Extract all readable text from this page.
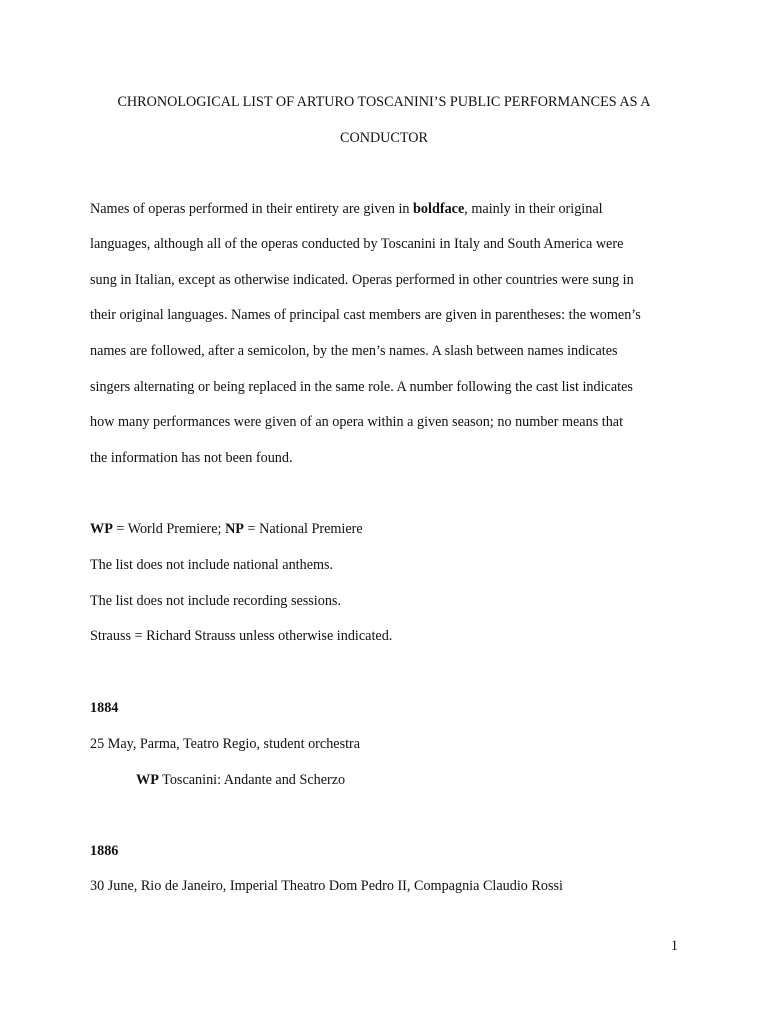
CHRONOLOGICAL LIST OF ARTURO TOSCANINI’S PUBLIC PERFORMANCES AS A
CONDUCTOR
Names of operas performed in their entirety are given in boldface, mainly in their original
languages, although all of the operas conducted by Toscanini in Italy and South America were
sung in Italian, except as otherwise indicated. Operas performed in other countries were sung in
their original languages. Names of principal cast members are given in parentheses: the women’s
names are followed, after a semicolon, by the men’s names. A slash between names indicates
singers alternating or being replaced in the same role. A number following the cast list indicates
how many performances were given of an opera within a given season; no number means that
the information has not been found.
WP = World Premiere; NP = National Premiere
The list does not include national anthems.
The list does not include recording sessions.
Strauss = Richard Strauss unless otherwise indicated.
1884
25 May, Parma, Teatro Regio, student orchestra
WP Toscanini: Andante and Scherzo
1886
30 June, Rio de Janeiro, Imperial Theatro Dom Pedro II, Compagnia Claudio Rossi
1
